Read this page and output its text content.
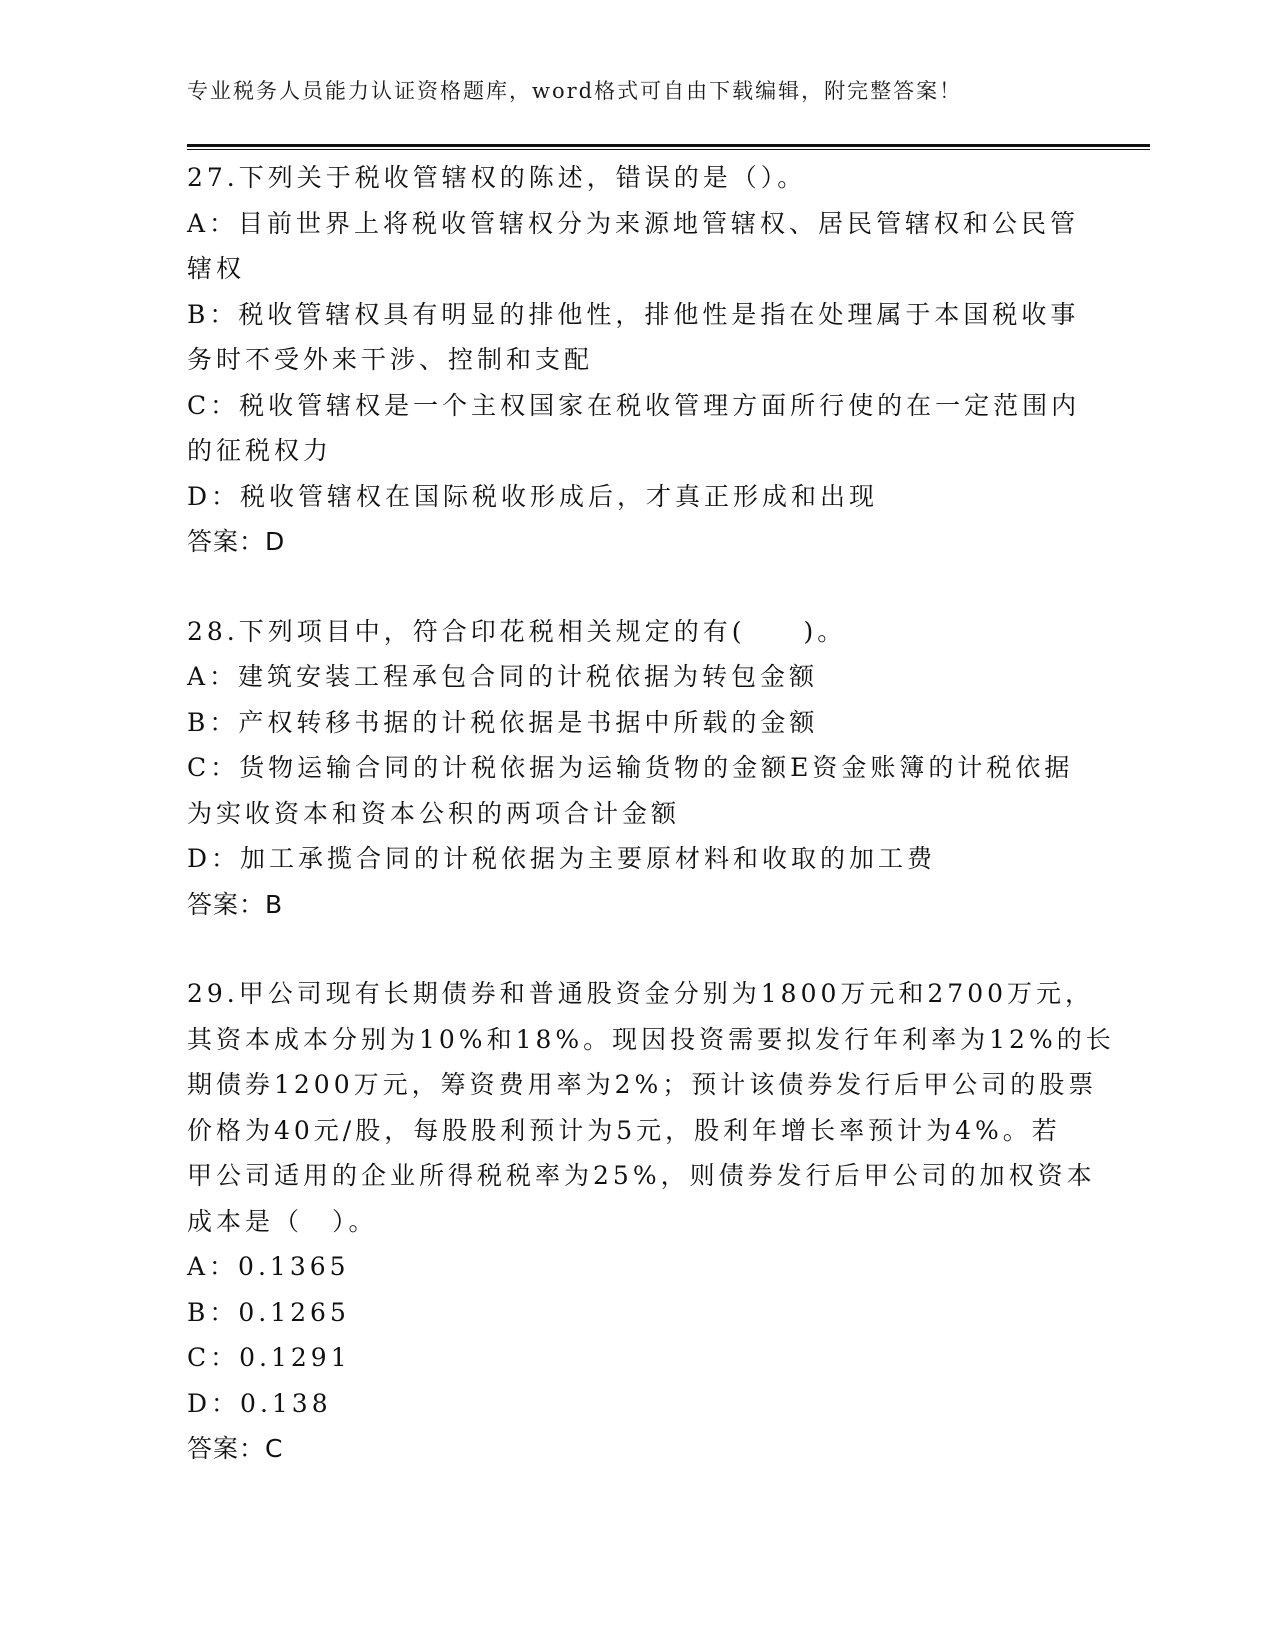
专业税务人员能力认证资格题库，word格式可自由下载编辑，附完整答案！
27.下列关于税收管辖权的陈述，错误的是（）。
A：目前世界上将税收管辖权分为来源地管辖权、居民管辖权和公民管
辖权
B：税收管辖权具有明显的排他性，排他性是指在处理属于本国税收事
务时不受外来干涉、控制和支配
C：税收管辖权是一个主权国家在税收管理方面所行使的在一定范围内
的征税权力
D：税收管辖权在国际税收形成后，才真正形成和出现
答案：D
28.下列项目中，符合印花税相关规定的有(　　)。
A：建筑安装工程承包合同的计税依据为转包金额
B：产权转移书据的计税依据是书据中所载的金额
C：货物运输合同的计税依据为运输货物的金额E资金账簿的计税依据
为实收资本和资本公积的两项合计金额
D：加工承揽合同的计税依据为主要原材料和收取的加工费
答案：B
29.甲公司现有长期债券和普通股资金分别为1800万元和2700万元，
其资本成本分别为10%和18%。现因投资需要拟发行年利率为12%的长
期债券1200万元，筹资费用率为2%；预计该债券发行后甲公司的股票
价格为40元/股，每股股利预计为5元，股利年增长率预计为4%。若
甲公司适用的企业所得税税率为25%，则债券发行后甲公司的加权资本
成本是（　）。
A：0.1365
B：0.1265
C：0.1291
D：0.138
答案：C
